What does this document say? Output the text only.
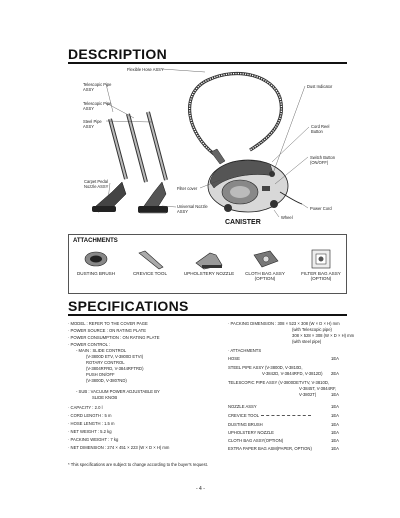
DESCRIPTION
Flexible Hose ASSY
Dust Indicator
Telescopic Pipe ASSY
Telescopic Pipe ASSY
Steel Pipe ASSY	Cord Reel Button
Switch Button (ON/OFF)
Carpet Pedal Nozzle ASSY	Filter cover
Universal Nozzle ASSY
Power Cord
Wheel
CANISTER
ATTACHMENTS
DUSTING BRUSH	CREVICE TOOL	UPHOLSTERY NOZZLE	CLOTH BAG ASSY
(OPTION)
FILTER BAG ASSY
(OPTION)
SPECIFICATIONS
· MODEL : REFER TO THE COVER PAGE
· POWER SOURCE : ON RATING PLATE
· POWER CONSUMPTION : ON RATING PLATE
· POWER CONTROL :
- MAIN : SLIDE CONTROL
(V-3800D ETV, V-3800D ETVI)
ROTARY CONTROL
(V-3804RFRD, V-3844RFTRD)
PUSH ON/OFF
(V-3800D, V-3807ND)
- SUB : VACUUM POWER ADJUSTABLE BY
SLIDE KNOB
· CAPACITY : 2.0 l
· CORD LENGTH : 5 m
· HOSE LENGTH : 1.5 m
· NET WEIGHT : 5.2 kg
· PACKING WEIGHT : 7 kg
· NET DIMENSION : 274 × 451 × 223 (W × D × H) mm
· PACKING DIMENSION : 308 × 523 × 308 (W × D × H) mm
(with Telescopic pipe)
308 × 528 × 308 (W × D × H) mm
(with steel pipe)
· ATTACHMENTS
HOSE	1EA
STEEL PIPE ASSY (V-3800D, V-3810D,
V-3842D, V-3844RFD, V-3812D) 2EA
TELESCOPIC PIPE ASSY (V-3800DETVTV, V-3810D,
V-3845T, V-3844RF,
V-3802T)	1EA
NOZZLE ASSY	1EA
CREVICE TOOL	1EA
DUSTING BRUSH	1EA
UPHOLSTERY NOZZLE	1EA
CLOTH BAG ASSY(OPTION)	1EA
EXTRA PAPER BAG ASM(PAPER, OPTION)	1EA
* This specifications are subject to change according to the buyer's request.
- 4 -
